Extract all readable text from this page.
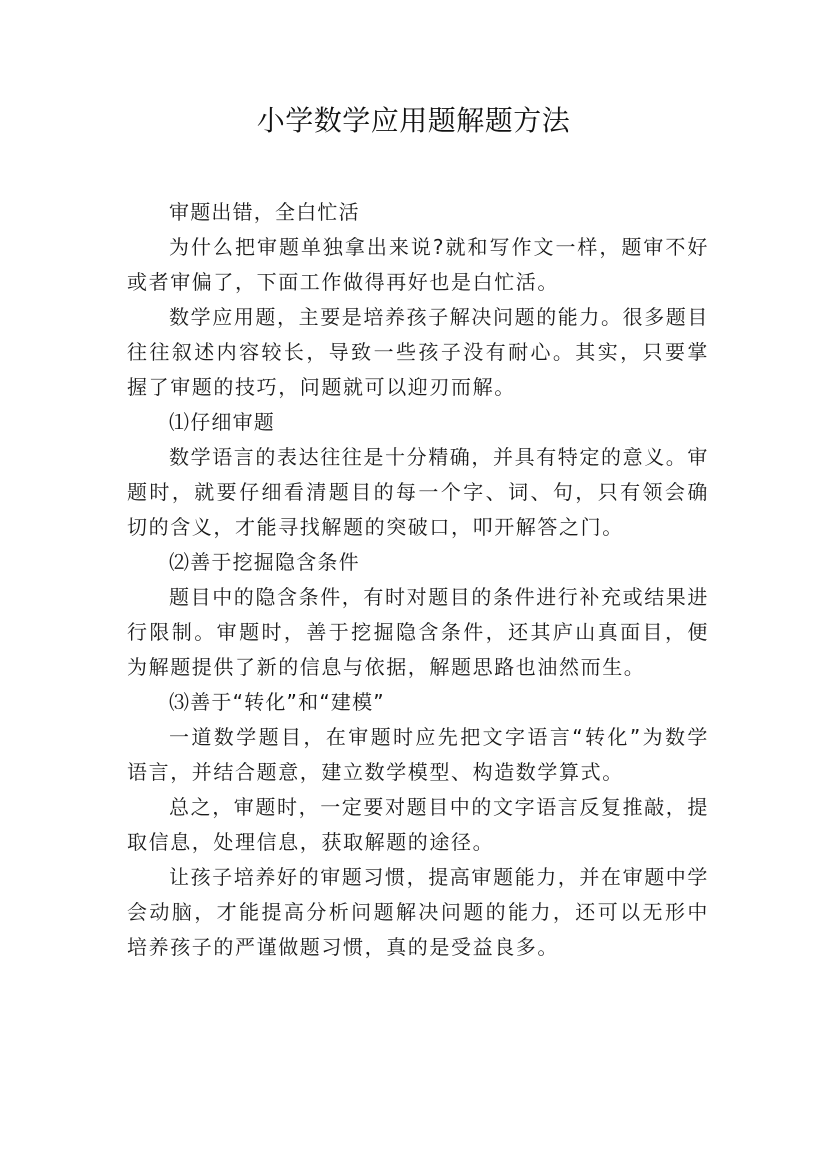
小学数学应用题解题方法

审题出错，全白忙活

为什么把审题单独拿出来说?就和写作文一样，题审不好或者审偏了，下面工作做得再好也是白忙活。

数学应用题，主要是培养孩子解决问题的能力。很多题目往往叙述内容较长，导致一些孩子没有耐心。其实，只要掌握了审题的技巧，问题就可以迎刃而解。

⑴仔细审题

数学语言的表达往往是十分精确，并具有特定的意义。审题时，就要仔细看清题目的每一个字、词、句，只有领会确切的含义，才能寻找解题的突破口，叩开解答之门。

⑵善于挖掘隐含条件

题目中的隐含条件，有时对题目的条件进行补充或结果进行限制。审题时，善于挖掘隐含条件，还其庐山真面目，便为解题提供了新的信息与依据，解题思路也油然而生。

⑶善于“转化”和“建模”

一道数学题目，在审题时应先把文字语言“转化”为数学语言，并结合题意，建立数学模型、构造数学算式。

总之，审题时，一定要对题目中的文字语言反复推敲，提取信息，处理信息，获取解题的途径。

让孩子培养好的审题习惯，提高审题能力，并在审题中学会动脑，才能提高分析问题解决问题的能力，还可以无形中培养孩子的严谨做题习惯，真的是受益良多。
